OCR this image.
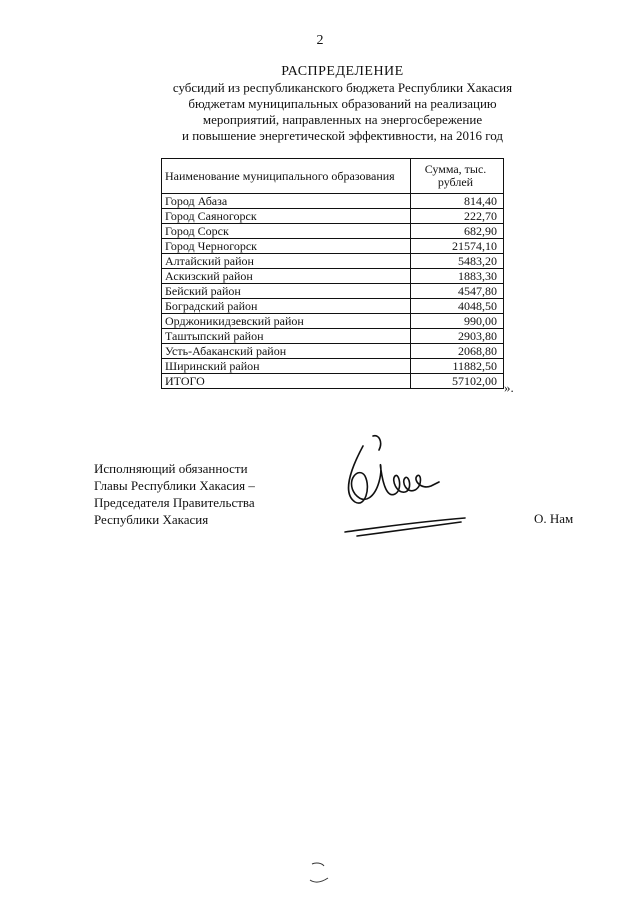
2
РАСПРЕДЕЛЕНИЕ
субсидий из республиканского бюджета Республики Хакасия
бюджетам муниципальных образований на реализацию
мероприятий, направленных на энергосбережение
и повышение энергетической эффективности, на 2016 год
Наименование муниципального образования	Сумма, тыс. рублей
Город Абаза	814,40
Город Саяногорск	222,70
Город Сорск	682,90
Город Черногорск	21574,10
Алтайский район	5483,20
Аскизский район	1883,30
Бейский район	4547,80
Боградский район	4048,50
Орджоникидзевский район	990,00
Таштыпский район	2903,80
Усть-Абаканский район	2068,80
Ширинский район	11882,50
ИТОГО	57102,00 ».
Исполняющий обязанности
Главы Республики Хакасия –
Председателя Правительства
Республики Хакасия	О. Нам
